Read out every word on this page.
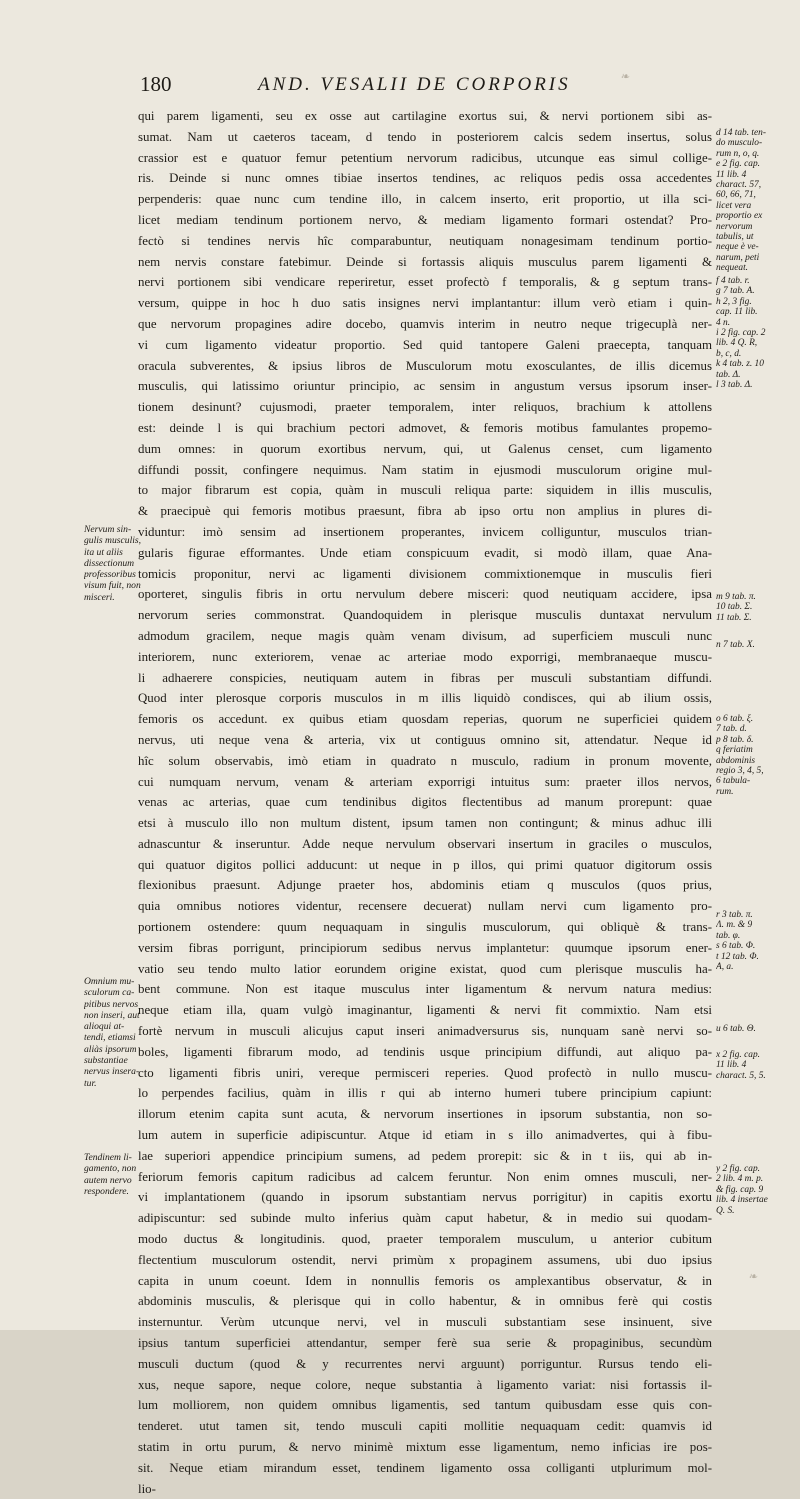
❧
❧
180	AND. VESALII DE CORPORIS
qui parem ligamenti, seu ex osse aut cartilagine exortus sui, & nervi portionem sibi as-
sumat. Nam ut caeteros taceam, d tendo in posteriorem calcis sedem insertus, solus
crassior est e quatuor femur petentium nervorum radicibus, utcunque eas simul collige-
ris. Deinde si nunc omnes tibiae insertos tendines, ac reliquos pedis ossa accedentes
perpenderis: quae nunc cum tendine illo, in calcem inserto, erit proportio, ut illa sci-
licet mediam tendinum portionem nervo, & mediam ligamento formari ostendat? Pro-
fectò si tendines nervis hîc comparabuntur, neutiquam nonagesimam tendinum portio-
nem nervis constare fatebimur. Deinde si fortassis aliquis musculus parem ligamenti &
nervi portionem sibi vendicare reperiretur, esset profectò f temporalis, & g septum trans-
versum, quippe in hoc h duo satis insignes nervi implantantur: illum verò etiam i quin-
que nervorum propagines adire docebo, quamvis interim in neutro neque trigecuplà ner-
vi cum ligamento videatur proportio. Sed quid tantopere Galeni praecepta, tanquam
oracula subverentes, & ipsius libros de Musculorum motu exosculantes, de illis dicemus
musculis, qui latissimo oriuntur principio, ac sensim in angustum versus ipsorum inser-
tionem desinunt? cujusmodi, praeter temporalem, inter reliquos, brachium k attollens
est: deinde l is qui brachium pectori admovet, & femoris motibus famulantes propemo-
dum omnes: in quorum exortibus nervum, qui, ut Galenus censet, cum ligamento
diffundi possit, confingere nequimus. Nam statim in ejusmodi musculorum origine mul-
to major fibrarum est copia, quàm in musculi reliqua parte: siquidem in illis musculis,
& praecipuè qui femoris motibus praesunt, fibra ab ipso ortu non amplius in plures di-
viduntur: imò sensim ad insertionem properantes, invicem colliguntur, musculos trian-
gularis figurae efformantes. Unde etiam conspicuum evadit, si modò illam, quae Ana-
tomicis proponitur, nervi ac ligamenti divisionem commixtionemque in musculis fieri
oporteret, singulis fibris in ortu nervulum debere misceri: quod neutiquam accidere, ipsa
nervorum series commonstrat. Quandoquidem in plerisque musculis duntaxat nervulum
admodum gracilem, neque magis quàm venam divisum, ad superficiem musculi nunc
interiorem, nunc exteriorem, venae ac arteriae modo exporrigi, membranaeque muscu-
li adhaerere conspicies, neutiquam autem in fibras per musculi substantiam diffundi.
Quod inter plerosque corporis musculos in m illis liquidò condisces, qui ab ilium ossis,
femoris os accedunt. ex quibus etiam quosdam reperias, quorum ne superficiei quidem
nervus, uti neque vena & arteria, vix ut contiguus omnino sit, attendatur. Neque id
hîc solum observabis, imò etiam in quadrato n musculo, radium in pronum movente,
cui numquam nervum, venam & arteriam exporrigi intuitus sum: praeter illos nervos,
venas ac arterias, quae cum tendinibus digitos flectentibus ad manum prorepunt: quae
etsi à musculo illo non multum distent, ipsum tamen non contingunt; & minus adhuc illi
adnascuntur & inseruntur. Adde neque nervulum observari insertum in graciles o musculos,
qui quatuor digitos pollici adducunt: ut neque in p illos, qui primi quatuor digitorum ossis
flexionibus praesunt. Adjunge praeter hos, abdominis etiam q musculos (quos prius,
quia omnibus notiores videntur, recensere decuerat) nullam nervi cum ligamento pro-
portionem ostendere: quum nequaquam in singulis musculorum, qui obliquè & trans-
versim fibras porrigunt, principiorum sedibus nervus implantetur: quumque ipsorum ener-
vatio seu tendo multo latior eorundem origine existat, quod cum plerisque musculis ha-
bent commune. Non est itaque musculus inter ligamentum & nervum natura medius:
neque etiam illa, quam vulgò imaginantur, ligamenti & nervi fit commixtio. Nam etsi
fortè nervum in musculi alicujus caput inseri animadversurus sis, nunquam sanè nervi so-
boles, ligamenti fibrarum modo, ad tendinis usque principium diffundi, aut aliquo pa-
cto ligamenti fibris uniri, vereque permisceri reperies. Quod profectò in nullo muscu-
lo perpendes facilius, quàm in illis r qui ab interno humeri tubere principium capiunt:
illorum etenim capita sunt acuta, & nervorum insertiones in ipsorum substantia, non so-
lum autem in superficie adipiscuntur. Atque id etiam in s illo animadvertes, qui à fibu-
lae superiori appendice principium sumens, ad pedem prorepit: sic & in t iis, qui ab in-
feriorum femoris capitum radicibus ad calcem feruntur. Non enim omnes musculi, ner-
vi implantationem (quando in ipsorum substantiam nervus porrigitur) in capitis exortu
adipiscuntur: sed subinde multo inferius quàm caput habetur, & in medio sui quodam-
modo ductus & longitudinis. quod, praeter temporalem musculum, u anterior cubitum
flectentium musculorum ostendit, nervi primùm x propaginem assumens, ubi duo ipsius
capita in unum coeunt. Idem in nonnullis femoris os amplexantibus observatur, & in
abdominis musculis, & plerisque qui in collo habentur, & in omnibus ferè qui costis
insternuntur. Verùm utcunque nervi, vel in musculi substantiam sese insinuent, sive
ipsius tantum superficiei attendantur, semper ferè sua serie & propaginibus, secundùm
musculi ductum (quod & y recurrentes nervi arguunt) porriguntur. Rursus tendo eli-
xus, neque sapore, neque colore, neque substantia à ligamento variat: nisi fortassis il-
lum molliorem, non quidem omnibus ligamentis, sed tantum quibusdam esse quis con-
tenderet. utut tamen sit, tendo musculi capiti mollitie nequaquam cedit: quamvis id
statim in ortu purum, & nervo minimè mixtum esse ligamentum, nemo inficias ire pos-
sit. Neque etiam mirandum esset, tendinem ligamento ossa colliganti utplurimum mol-
lio-
Nervum sin-
gulis musculis,
ita ut aliis
dissectionum
professoribus
visum fuit, non
misceri.
Omnium mu-
sculorum ca-
pitibus nervos
non inseri, aut
alioqui at-
tendi, etiamsi
aliàs ipsorum
substantiae
nervus insera-
tur.
Tendinem li-
gamento, non
autem nervo
respondere.
d 14 tab. ten-
do musculo-
rum n, o, q.
e 2 fig. cap.
11 lib. 4
charact. 57,
60, 66, 71,
licet vera
proportio ex
nervorum
tabulis, ut
neque è ve-
narum, peti
nequeat.
f 4 tab. r.
g 7 tab. A.
h 2, 3 fig.
cap. 11 lib.
4 n.
i 2 fig. cap. 2
lib. 4 Q. R,
b, c, d.
k 4 tab. z. 10
tab. Δ.
l 3 tab. Δ.
m 9 tab. π.
10 tab. Σ.
11 tab. Σ.
n 7 tab. X.
o 6 tab. ξ.
7 tab. d.
p 8 tab. δ.
q feriatim
abdominis
regio 3, 4, 5,
6 tabula-
rum.
r 3 tab. π.
Λ. m. & 9
tab. φ.
s 6 tab. Φ.
t 12 tab. Φ.
A, a.
u 6 tab. Θ.
x 2 fig. cap.
11 lib. 4
charact. 5, 5.
y 2 fig. cap.
2 lib. 4 m. p.
& fig. cap. 9
lib. 4 insertae
Q. S.
